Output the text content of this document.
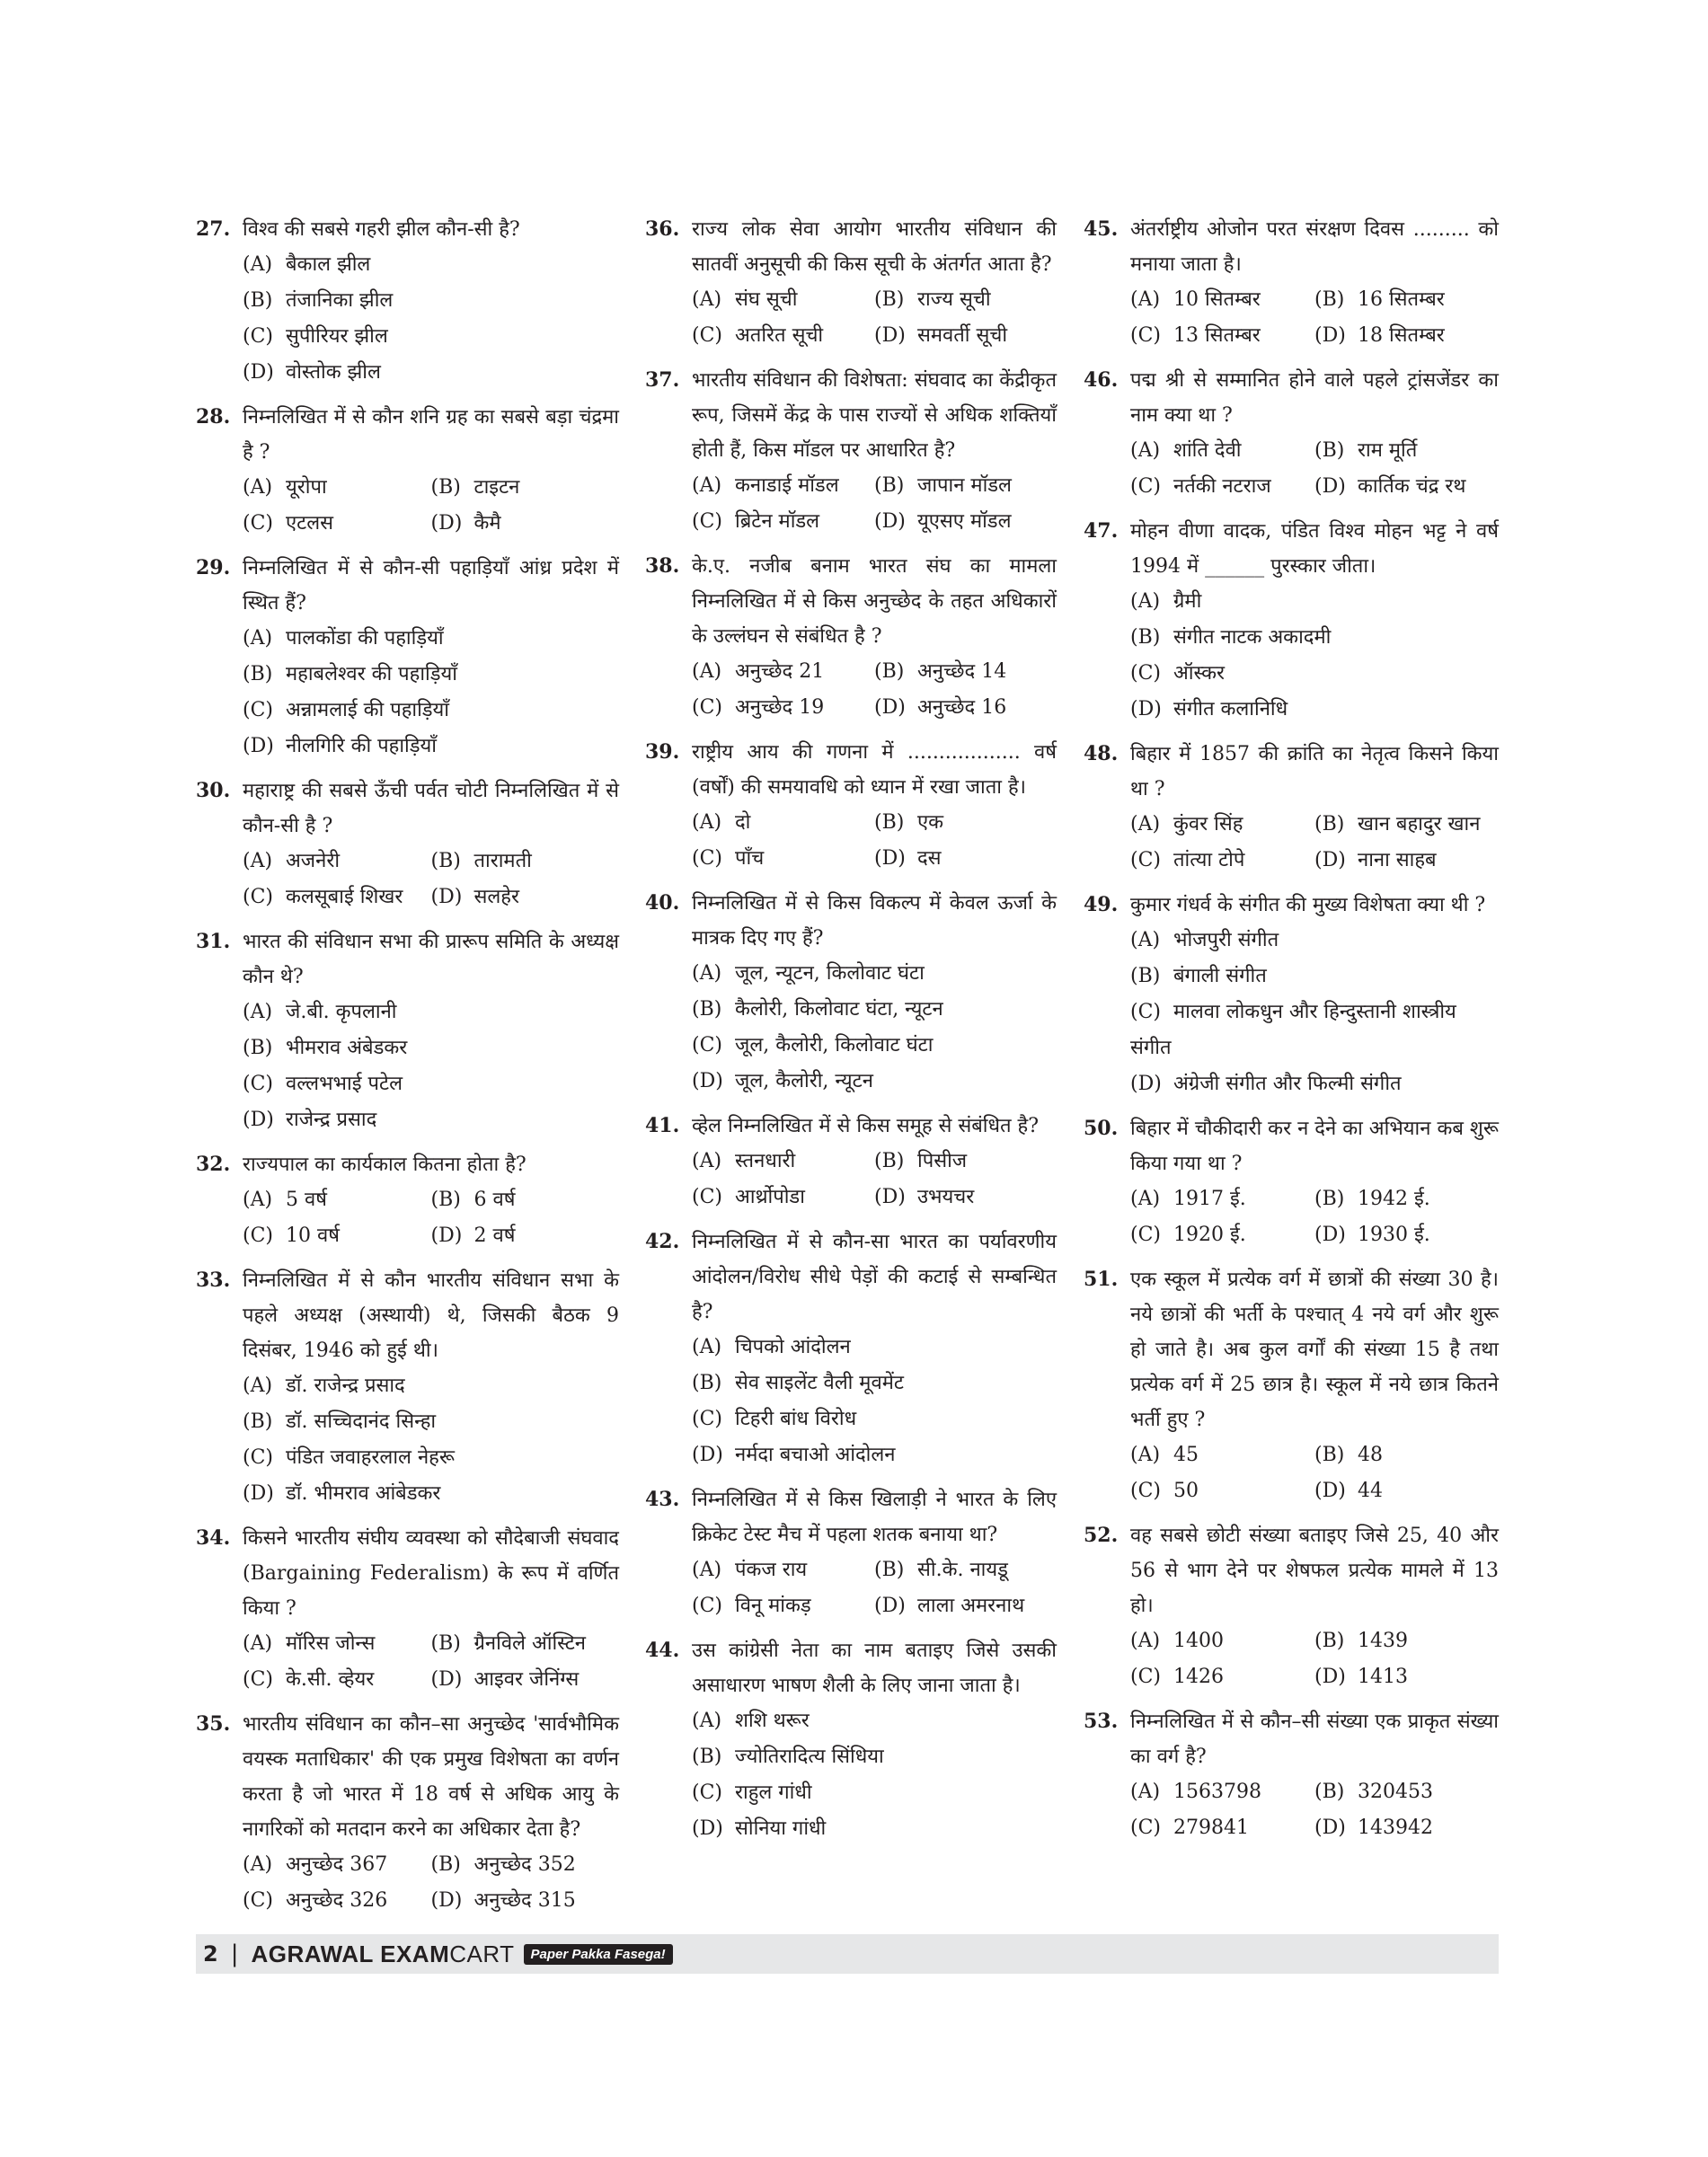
27. विश्व की सबसे गहरी झील कौन-सी है?
(A) बैकाल झील
(B) तंजानिका झील
(C) सुपीरियर झील
(D) वोस्तोक झील
28. निम्नलिखित में से कौन शनि ग्रह का सबसे बड़ा चंद्रमा है ?
(A) यूरोपा	(B) टाइटन
(C) एटलस	(D) कैमै
29. निम्नलिखित में से कौन-सी पहाड़ियाँ आंध्र प्रदेश में स्थित हैं?
(A) पालकोंडा की पहाड़ियाँ
(B) महाबलेश्वर की पहाड़ियाँ
(C) अन्नामलाई की पहाड़ियाँ
(D) नीलगिरि की पहाड़ियाँ
30. महाराष्ट्र की सबसे ऊँची पर्वत चोटी निम्नलिखित में से कौन-सी है ?
(A) अजनेरी	(B) तारामती
(C) कलसूबाई शिखर	(D) सलहेर
31. भारत की संविधान सभा की प्रारूप समिति के अध्यक्ष कौन थे?
(A) जे.बी. कृपलानी
(B) भीमराव अंबेडकर
(C) वल्लभभाई पटेल
(D) राजेन्द्र प्रसाद
32. राज्यपाल का कार्यकाल कितना होता है?
(A) 5 वर्ष	(B) 6 वर्ष
(C) 10 वर्ष	(D) 2 वर्ष
33. निम्नलिखित में से कौन भारतीय संविधान सभा के पहले अध्यक्ष (अस्थायी) थे, जिसकी बैठक 9 दिसंबर, 1946 को हुई थी।
(A) डॉ. राजेन्द्र प्रसाद
(B) डॉ. सच्चिदानंद सिन्हा
(C) पंडित जवाहरलाल नेहरू
(D) डॉ. भीमराव आंबेडकर
34. किसने भारतीय संघीय व्यवस्था को सौदेबाजी संघवाद (Bargaining Federalism) के रूप में वर्णित किया ?
(A) मॉरिस जोन्स	(B) ग्रैनविले ऑस्टिन
(C) के.सी. व्हेयर	(D) आइवर जेनिंग्स
35. भारतीय संविधान का कौन–सा अनुच्छेद 'सार्वभौमिक वयस्क मताधिकार' की एक प्रमुख विशेषता का वर्णन करता है जो भारत में 18 वर्ष से अधिक आयु के नागरिकों को मतदान करने का अधिकार देता है?
(A) अनुच्छेद 367	(B) अनुच्छेद 352
(C) अनुच्छेद 326	(D) अनुच्छेद 315
36. राज्य लोक सेवा आयोग भारतीय संविधान की सातवीं अनुसूची की किस सूची के अंतर्गत आता है?
(A) संघ सूची	(B) राज्य सूची
(C) अतरित सूची	(D) समवर्ती सूची
37. भारतीय संविधान की विशेषता: संघवाद का केंद्रीकृत रूप, जिसमें केंद्र के पास राज्यों से अधिक शक्तियाँ होती हैं, किस मॉडल पर आधारित है?
(A) कनाडाई मॉडल	(B) जापान मॉडल
(C) ब्रिटेन मॉडल	(D) यूएसए मॉडल
38. के.ए. नजीब बनाम भारत संघ का मामला निम्नलिखित में से किस अनुच्छेद के तहत अधिकारों के उल्लंघन से संबंधित है ?
(A) अनुच्छेद 21	(B) अनुच्छेद 14
(C) अनुच्छेद 19	(D) अनुच्छेद 16
39. राष्ट्रीय आय की गणना में .................. वर्ष (वर्षों) की समयावधि को ध्यान में रखा जाता है।
(A) दो	(B) एक
(C) पाँच	(D) दस
40. निम्नलिखित में से किस विकल्प में केवल ऊर्जा के मात्रक दिए गए हैं?
(A) जूल, न्यूटन, किलोवाट घंटा
(B) कैलोरी, किलोवाट घंटा, न्यूटन
(C) जूल, कैलोरी, किलोवाट घंटा
(D) जूल, कैलोरी, न्यूटन
41. व्हेल निम्नलिखित में से किस समूह से संबंधित है?
(A) स्तनधारी	(B) पिसीज
(C) आर्थ्रोपोडा	(D) उभयचर
42. निम्नलिखित में से कौन-सा भारत का पर्यावरणीय आंदोलन/विरोध सीधे पेड़ों की कटाई से सम्बन्धित है?
(A) चिपको आंदोलन
(B) सेव साइलेंट वैली मूवमेंट
(C) टिहरी बांध विरोध
(D) नर्मदा बचाओ आंदोलन
43. निम्नलिखित में से किस खिलाड़ी ने भारत के लिए क्रिकेट टेस्ट मैच में पहला शतक बनाया था?
(A) पंकज राय	(B) सी.के. नायडू
(C) विनू मांकड़	(D) लाला अमरनाथ
44. उस कांग्रेसी नेता का नाम बताइए जिसे उसकी असाधारण भाषण शैली के लिए जाना जाता है।
(A) शशि थरूर
(B) ज्योतिरादित्य सिंधिया
(C) राहुल गांधी
(D) सोनिया गांधी
45. अंतर्राष्ट्रीय ओजोन परत संरक्षण दिवस ......... को मनाया जाता है।
(A) 10 सितम्बर	(B) 16 सितम्बर
(C) 13 सितम्बर	(D) 18 सितम्बर
46. पद्म श्री से सम्मानित होने वाले पहले ट्रांसजेंडर का नाम क्या था ?
(A) शांति देवी	(B) राम मूर्ति
(C) नर्तकी नटराज	(D) कार्तिक चंद्र रथ
47. मोहन वीणा वादक, पंडित विश्व मोहन भट्ट ने वर्ष 1994 में ______ पुरस्कार जीता।
(A) ग्रैमी
(B) संगीत नाटक अकादमी
(C) ऑस्कर
(D) संगीत कलानिधि
48. बिहार में 1857 की क्रांति का नेतृत्व किसने किया था ?
(A) कुंवर सिंह	(B) खान बहादुर खान
(C) तांत्या टोपे	(D) नाना साहब
49. कुमार गंधर्व के संगीत की मुख्य विशेषता क्या थी ?
(A) भोजपुरी संगीत
(B) बंगाली संगीत
(C) मालवा लोकधुन और हिन्दुस्तानी शास्त्रीय संगीत
(D) अंग्रेजी संगीत और फिल्मी संगीत
50. बिहार में चौकीदारी कर न देने का अभियान कब शुरू किया गया था ?
(A) 1917 ई.	(B) 1942 ई.
(C) 1920 ई.	(D) 1930 ई.
51. एक स्कूल में प्रत्येक वर्ग में छात्रों की संख्या 30 है। नये छात्रों की भर्ती के पश्चात् 4 नये वर्ग और शुरू हो जाते है। अब कुल वर्गों की संख्या 15 है तथा प्रत्येक वर्ग में 25 छात्र है। स्कूल में नये छात्र कितने भर्ती हुए ?
(A) 45	(B) 48
(C) 50	(D) 44
52. वह सबसे छोटी संख्या बताइए जिसे 25, 40 और 56 से भाग देने पर शेषफल प्रत्येक मामले में 13 हो।
(A) 1400	(B) 1439
(C) 1426	(D) 1413
53. निम्नलिखित में से कौन–सी संख्या एक प्राकृत संख्या का वर्ग है?
(A) 1563798	(B) 320453
(C) 279841	(D) 143942
2 | AGRAWAL EXAMCART	Paper Pakka Fasega!
